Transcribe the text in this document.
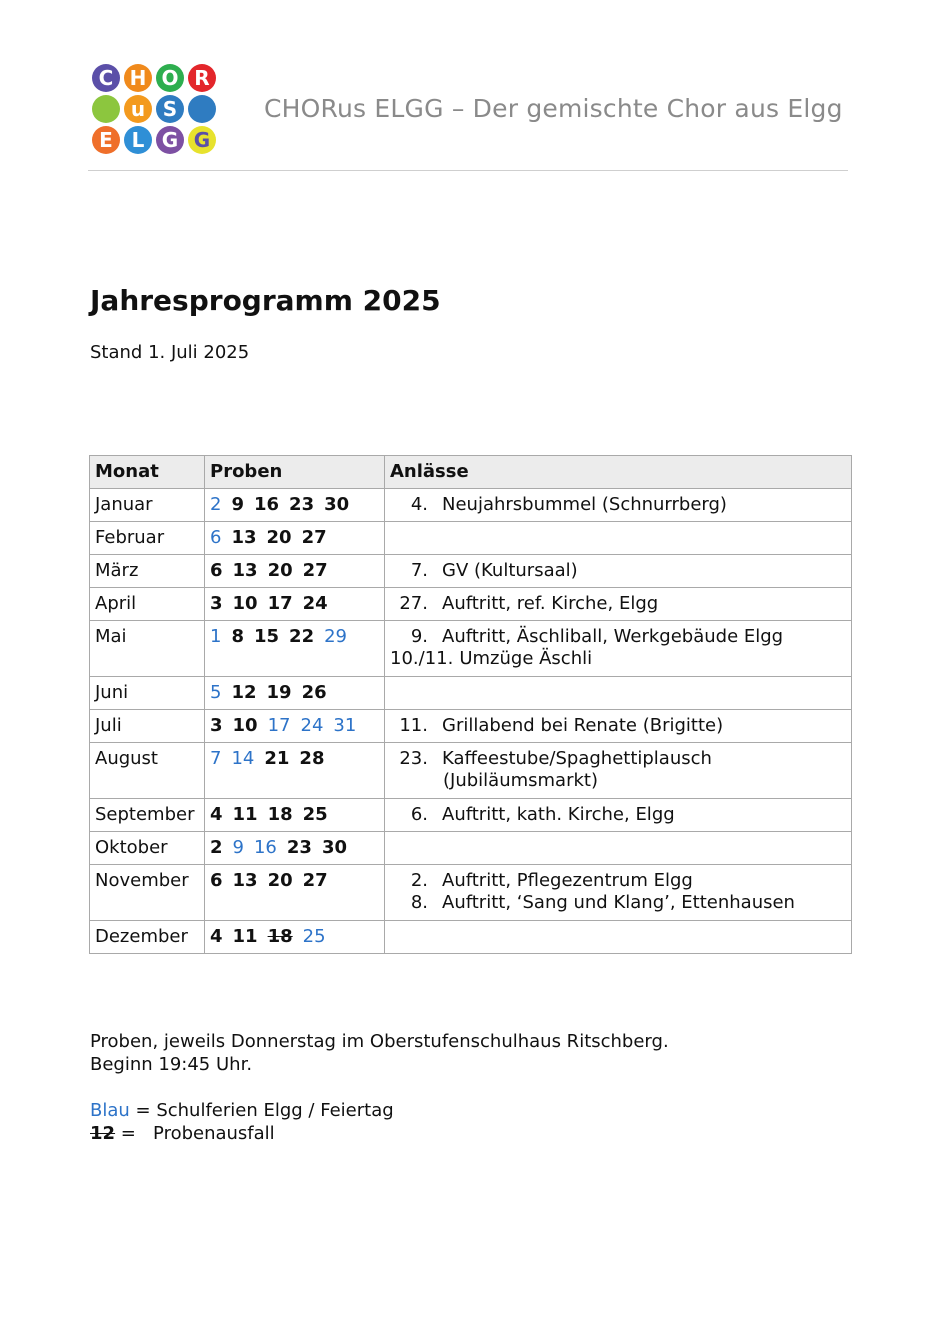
C H O R
u S
E L G G
CHORus ELGG – Der gemischte Chor aus Elgg
Jahresprogramm 2025
Stand 1. Juli 2025
Monat	Proben	Anlässe
Januar	2 9 16 23 30	4. Neujahrsbummel (Schnurrberg)

Februar	6 13 20 27	
März	6 13 20 27	7. GV (Kultursaal)

April	3 10 17 24	27. Auftritt, ref. Kirche, Elgg

Mai	1 8 15 22 29	9. Auftritt, Äschliball, Werkgebäude Elgg
10./11. Umzüge Äschli

Juni	5 12 19 26	
Juli	3 10 17 24 31	11. Grillabend bei Renate (Brigitte)

August	7 14 21 28	23. Kaffeestube/Spaghettiplausch
(Jubiläumsmarkt)

September	4 11 18 25	6. Auftritt, kath. Kirche, Elgg

Oktober	2 9 16 23 30	
November	6 13 20 27	2. Auftritt, Pflegezentrum Elgg
8. Auftritt, ‘Sang und Klang’, Ettenhausen

Dezember	4 11 18 25	
Proben, jeweils Donnerstag im Oberstufenschulhaus Ritschberg.
Beginn 19:45 Uhr.
Blau = Schulferien Elgg / Feiertag
12 =   Probenausfall
